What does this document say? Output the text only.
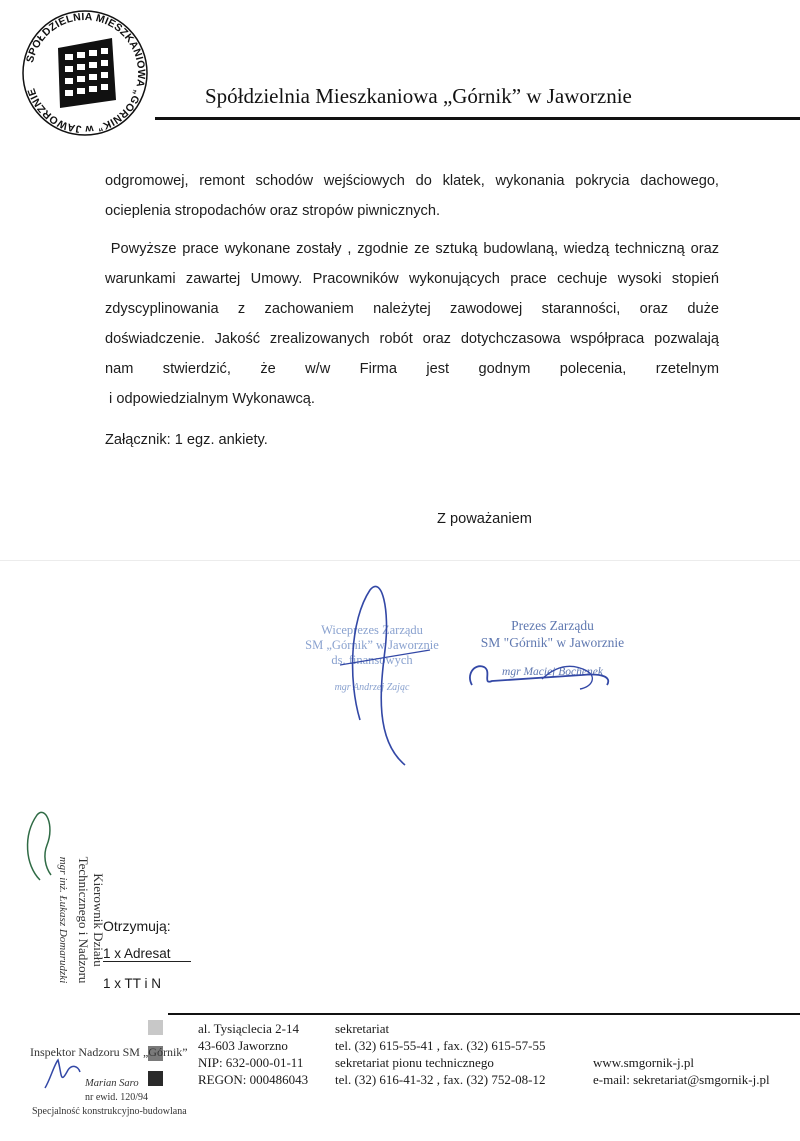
SPÓŁDZIELNIA MIESZKANIOWA „GÓRNIK” w JAWORZNIE	Spółdzielnia Mieszkaniowa „Górnik” w Jaworznie
odgromowej, remont schodów wejściowych do klatek, wykonania pokrycia dachowego,
ocieplenia stropodachów oraz stropów piwnicznych.
Powyższe prace wykonane zostały , zgodnie ze sztuką budowlaną, wiedzą techniczną oraz
warunkami zawartej Umowy. Pracowników wykonujących prace cechuje wysoki stopień
zdyscyplinowania z zachowaniem należytej zawodowej staranności, oraz duże
doświadczenie. Jakość zrealizowanych robót oraz dotychczasowa współpraca pozwalają
nam stwierdzić, że w/w Firma jest godnym polecenia, rzetelnym
i odpowiedzialnym Wykonawcą.
Załącznik: 1 egz. ankiety.
Z poważaniem
Wiceprezes Zarządu
SM „Górnik” w Jaworznie
ds. finansowych
mgr Andrzej Zając
Prezes Zarządu
SM "Górnik" w Jaworznie
mgr Maciej Bochenek
Kierownik Działu
Technicznego i Nadzoru
mgr inż. Łukasz Domarudzki Otrzymują:
1 x Adresat
1 x TT i N
al. Tysiąclecia 2-14
43-603 Jaworzno
NIP: 632-000-01-11
REGON: 000486043
sekretariat
tel. (32) 615-55-41 , fax. (32) 615-57-55
sekretariat pionu technicznego
tel. (32) 616-41-32 , fax. (32) 752-08-12
www.smgornik-j.pl
e-mail: sekretariat@smgornik-j.pl
Inspektor Nadzoru SM „Górnik”
Marian Saro
nr ewid. 120/94
Specjalność konstrukcyjno-budowlana
